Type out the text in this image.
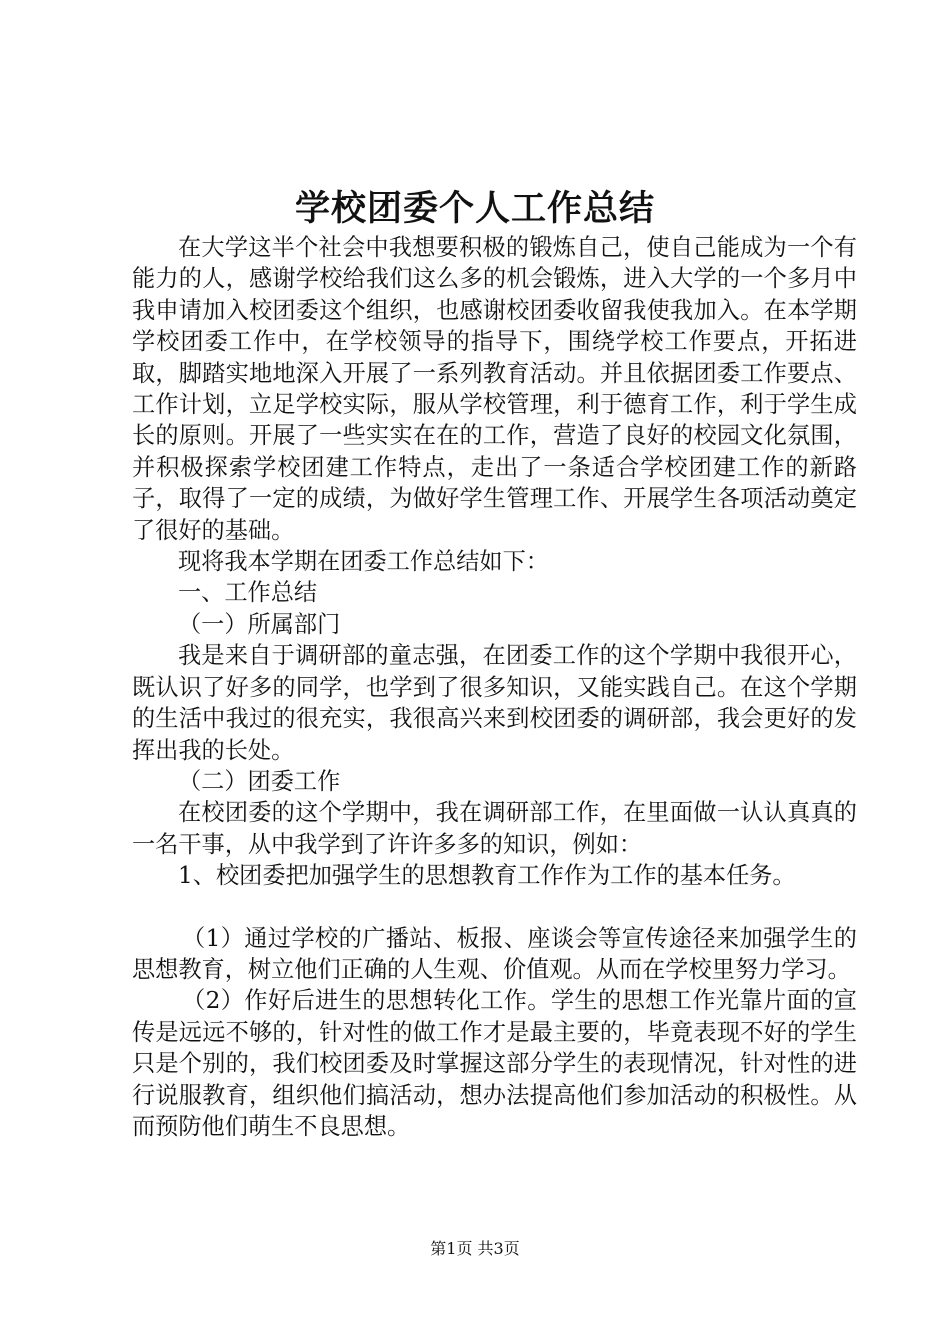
学校团委个人工作总结

在大学这半个社会中我想要积极的锻炼自己，使自己能成为一个有能力的人，感谢学校给我们这么多的机会锻炼，进入大学的一个多月中我申请加入校团委这个组织，也感谢校团委收留我使我加入。在本学期学校团委工作中，在学校领导的指导下，围绕学校工作要点，开拓进取，脚踏实地地深入开展了一系列教育活动。并且依据团委工作要点、工作计划，立足学校实际，服从学校管理，利于德育工作，利于学生成长的原则。开展了一些实实在在的工作，营造了良好的校园文化氛围，并积极探索学校团建工作特点，走出了一条适合学校团建工作的新路子，取得了一定的成绩，为做好学生管理工作、开展学生各项活动奠定了很好的基础。

现将我本学期在团委工作总结如下：

一、工作总结

（一）所属部门

我是来自于调研部的童志强，在团委工作的这个学期中我很开心，既认识了好多的同学，也学到了很多知识，又能实践自己。在这个学期的生活中我过的很充实，我很高兴来到校团委的调研部，我会更好的发挥出我的长处。

（二）团委工作

在校团委的这个学期中，我在调研部工作，在里面做一认认真真的一名干事，从中我学到了许许多多的知识，例如：

1、校团委把加强学生的思想教育工作作为工作的基本任务。

（1）通过学校的广播站、板报、座谈会等宣传途径来加强学生的思想教育，树立他们正确的人生观、价值观。从而在学校里努力学习。

（2）作好后进生的思想转化工作。学生的思想工作光靠片面的宣传是远远不够的，针对性的做工作才是最主要的，毕竟表现不好的学生只是个别的，我们校团委及时掌握这部分学生的表现情况，针对性的进行说服教育，组织他们搞活动，想办法提高他们参加活动的积极性。从而预防他们萌生不良思想。

第1页 共3页
